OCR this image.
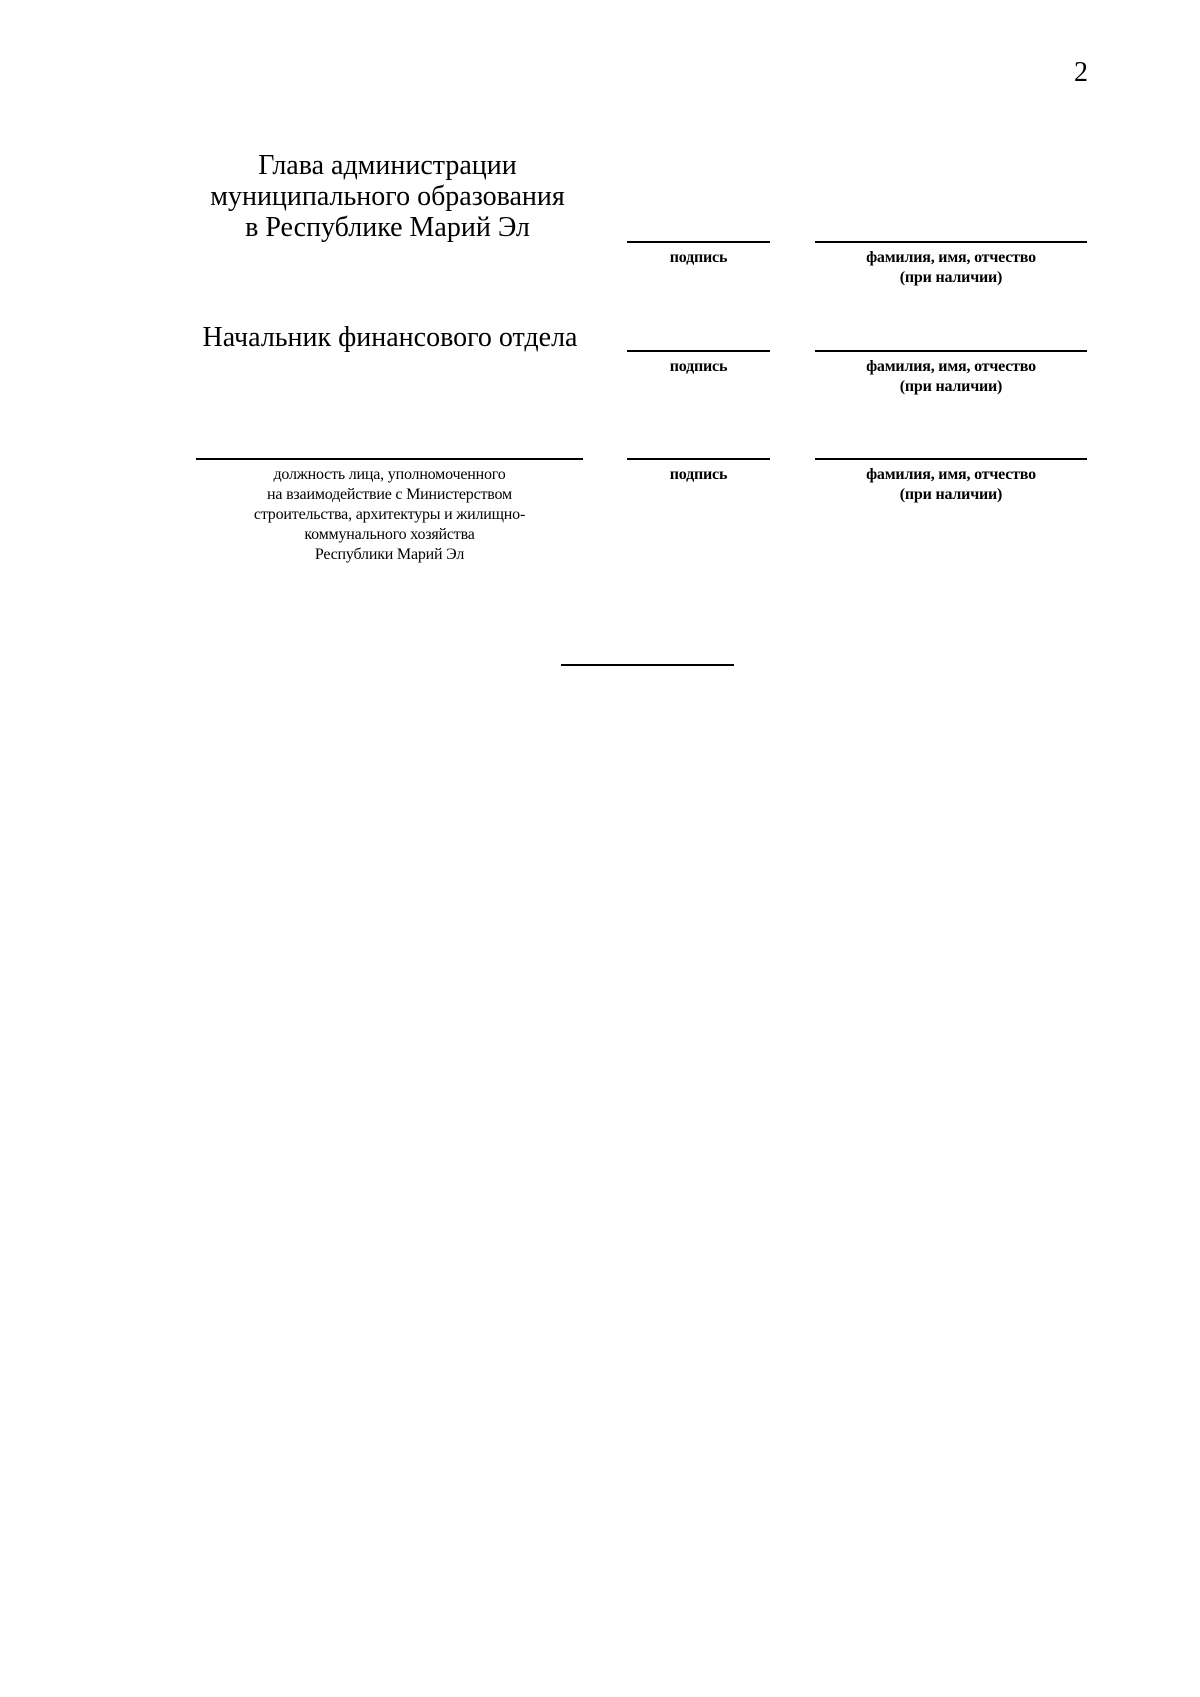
2
Глава администрации
муниципального образования
в Республике Марий Эл
подпись	фамилия, имя, отчество
(при наличии)
Начальник финансового отдела
подпись	фамилия, имя, отчество
(при наличии)
должность лица, уполномоченного
на взаимодействие с Министерством
строительства, архитектуры и жилищно-
коммунального хозяйства
Республики Марий Эл
подпись	фамилия, имя, отчество
(при наличии)
